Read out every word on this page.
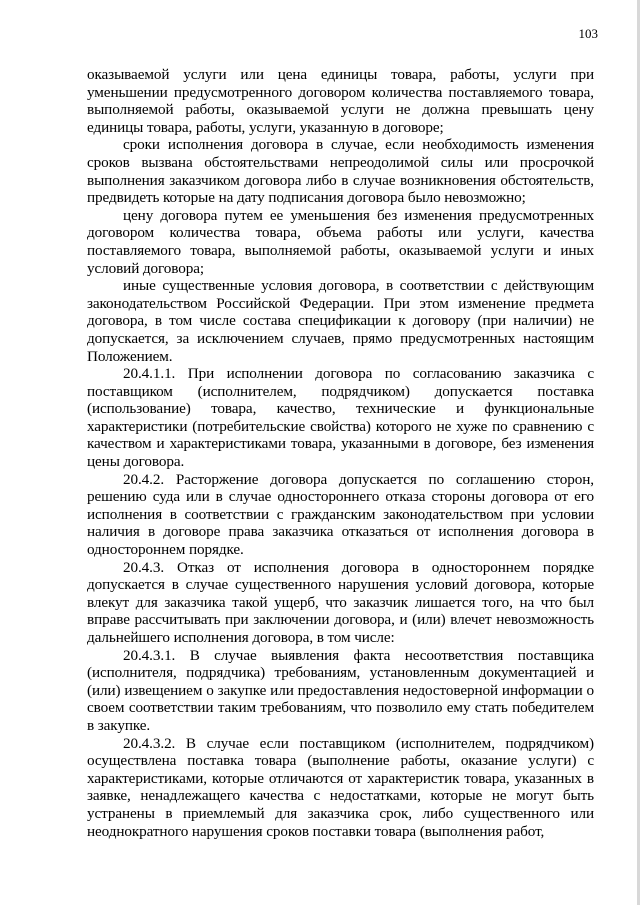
103

оказываемой услуги или цена единицы товара, работы, услуги при уменьшении предусмотренного договором количества поставляемого товара, выполняемой работы, оказываемой услуги не должна превышать цену единицы товара, работы, услуги, указанную в договоре;

сроки исполнения договора в случае, если необходимость изменения сроков вызвана обстоятельствами непреодолимой силы или просрочкой выполнения заказчиком договора либо в случае возникновения обстоятельств, предвидеть которые на дату подписания договора было невозможно;

цену договора путем ее уменьшения без изменения предусмотренных договором количества товара, объема работы или услуги, качества поставляемого товара, выполняемой работы, оказываемой услуги и иных условий договора;

иные существенные условия договора, в соответствии с действующим законодательством Российской Федерации. При этом изменение предмета договора, в том числе состава спецификации к договору (при наличии) не допускается, за исключением случаев, прямо предусмотренных настоящим Положением.

20.4.1.1. При исполнении договора по согласованию заказчика с поставщиком (исполнителем, подрядчиком) допускается поставка (использование) товара, качество, технические и функциональные характеристики (потребительские свойства) которого не хуже по сравнению с качеством и характеристиками товара, указанными в договоре, без изменения цены договора.

20.4.2. Расторжение договора допускается по соглашению сторон, решению суда или в случае одностороннего отказа стороны договора от его исполнения в соответствии с гражданским законодательством при условии наличия в договоре права заказчика отказаться от исполнения договора в одностороннем порядке.

20.4.3. Отказ от исполнения договора в одностороннем порядке допускается в случае существенного нарушения условий договора, которые влекут для заказчика такой ущерб, что заказчик лишается того, на что был вправе рассчитывать при заключении договора, и (или) влечет невозможность дальнейшего исполнения договора, в том числе:

20.4.3.1. В случае выявления факта несоответствия поставщика (исполнителя, подрядчика) требованиям, установленным документацией и (или) извещением о закупке или предоставления недостоверной информации о своем соответствии таким требованиям, что позволило ему стать победителем в закупке.

20.4.3.2. В случае если поставщиком (исполнителем, подрядчиком) осуществлена поставка товара (выполнение работы, оказание услуги) с характеристиками, которые отличаются от характеристик товара, указанных в заявке, ненадлежащего качества с недостатками, которые не могут быть устранены в приемлемый для заказчика срок, либо существенного или неоднократного нарушения сроков поставки товара (выполнения работ,
